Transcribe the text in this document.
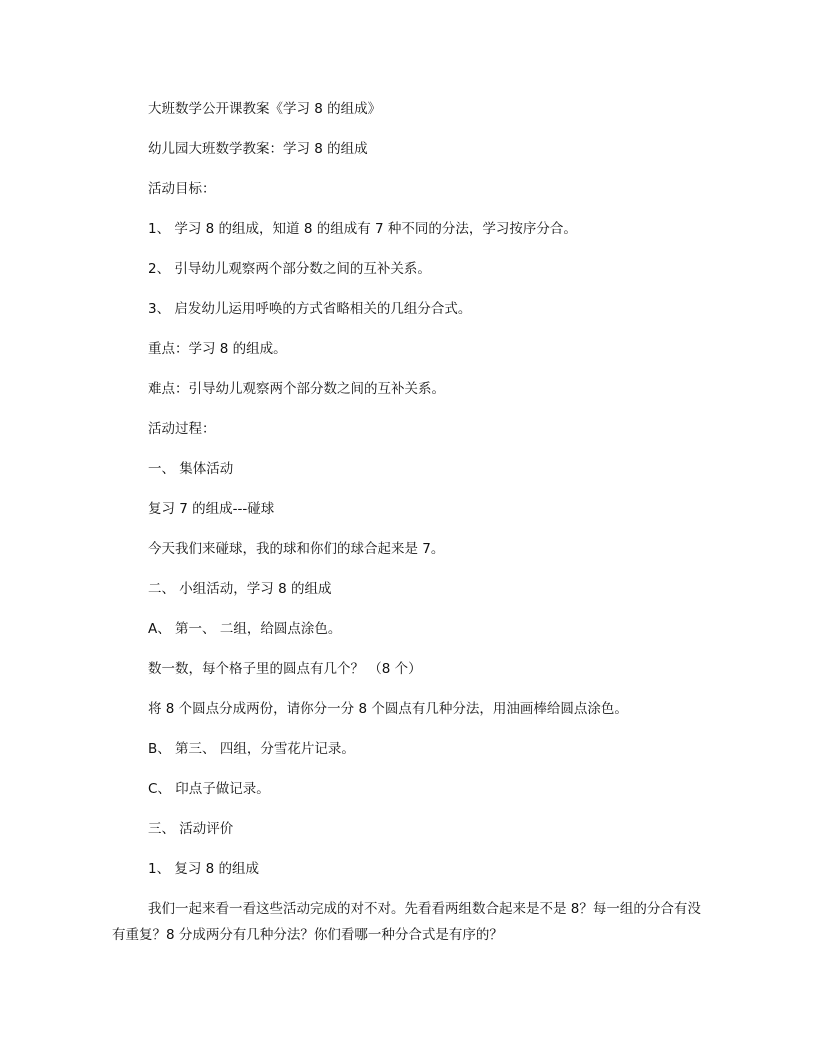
大班数学公开课教案《学习 8 的组成》
幼儿园大班数学教案：学习 8 的组成
活动目标：
1、 学习 8 的组成，知道 8 的组成有 7 种不同的分法，学习按序分合。
2、 引导幼儿观察两个部分数之间的互补关系。
3、 启发幼儿运用呼唤的方式省略相关的几组分合式。
重点：学习 8 的组成。
难点：引导幼儿观察两个部分数之间的互补关系。
活动过程：
一、 集体活动
复习 7 的组成---碰球
今天我们来碰球，我的球和你们的球合起来是 7。
二、 小组活动，学习 8 的组成
A、 第一、 二组，给圆点涂色。
数一数，每个格子里的圆点有几个？ （8 个）
将 8 个圆点分成两份，请你分一分 8 个圆点有几种分法，用油画棒给圆点涂色。
B、 第三、 四组，分雪花片记录。
C、 印点子做记录。
三、 活动评价
1、 复习 8 的组成
我们一起来看一看这些活动完成的对不对。先看看两组数合起来是不是 8？每一组的分合有没有重复？8 分成两分有几种分法？你们看哪一种分合式是有序的？
